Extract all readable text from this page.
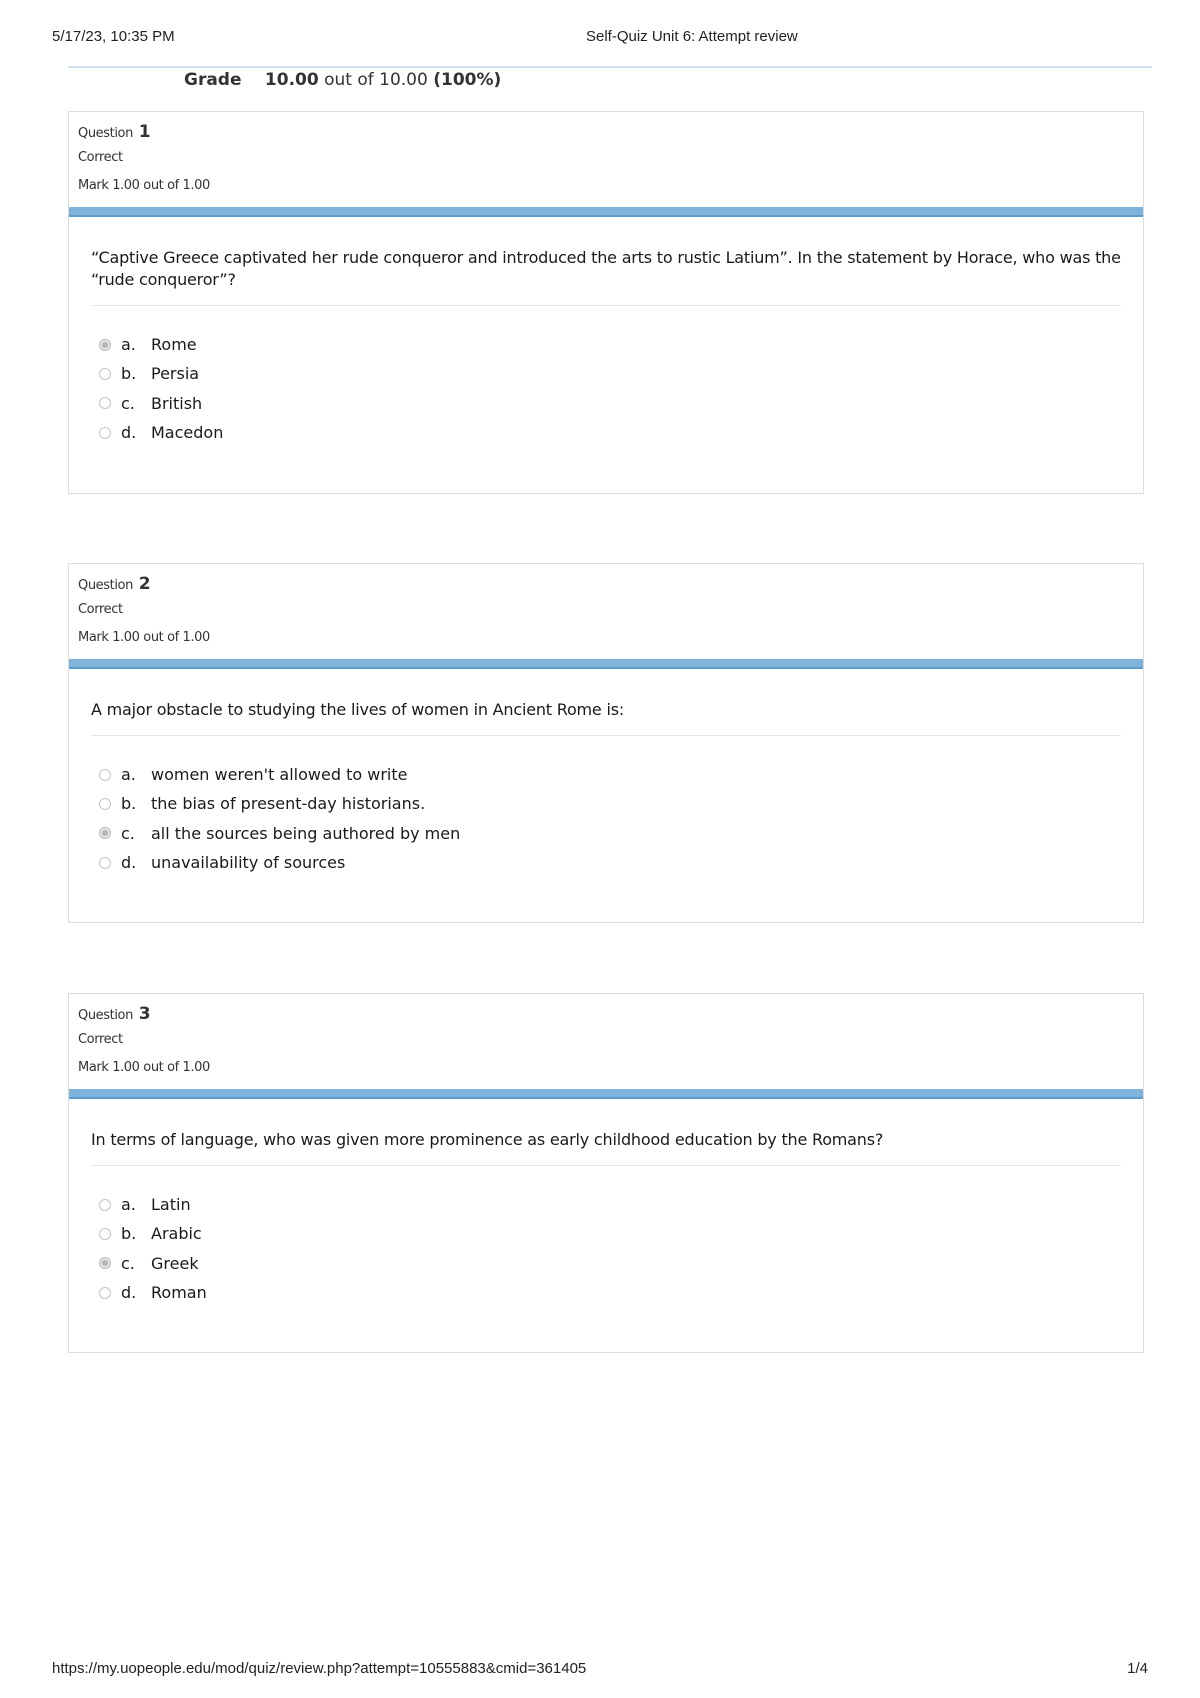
5/17/23, 10:35 PM	Self-Quiz Unit 6: Attempt review
Grade 10.00 out of 10.00 (100%)
Question 1
Correct
Mark 1.00 out of 1.00
“Captive Greece captivated her rude conqueror and introduced the arts to rustic Latium”. In the statement by Horace, who was the “rude conqueror”?
a. Rome
b. Persia
c.	British
d. Macedon
Question 2
Correct
Mark 1.00 out of 1.00
A major obstacle to studying the lives of women in Ancient Rome is:
a. women weren't allowed to write
b. the bias of present-day historians.
c.	all the sources being authored by men
d. unavailability of sources
Question 3
Correct
Mark 1.00 out of 1.00
In terms of language, who was given more prominence as early childhood education by the Romans?
a. Latin
b. Arabic
c.	Greek
d. Roman
https://my.uopeople.edu/mod/quiz/review.php?attempt=10555883&cmid=361405	1/4
